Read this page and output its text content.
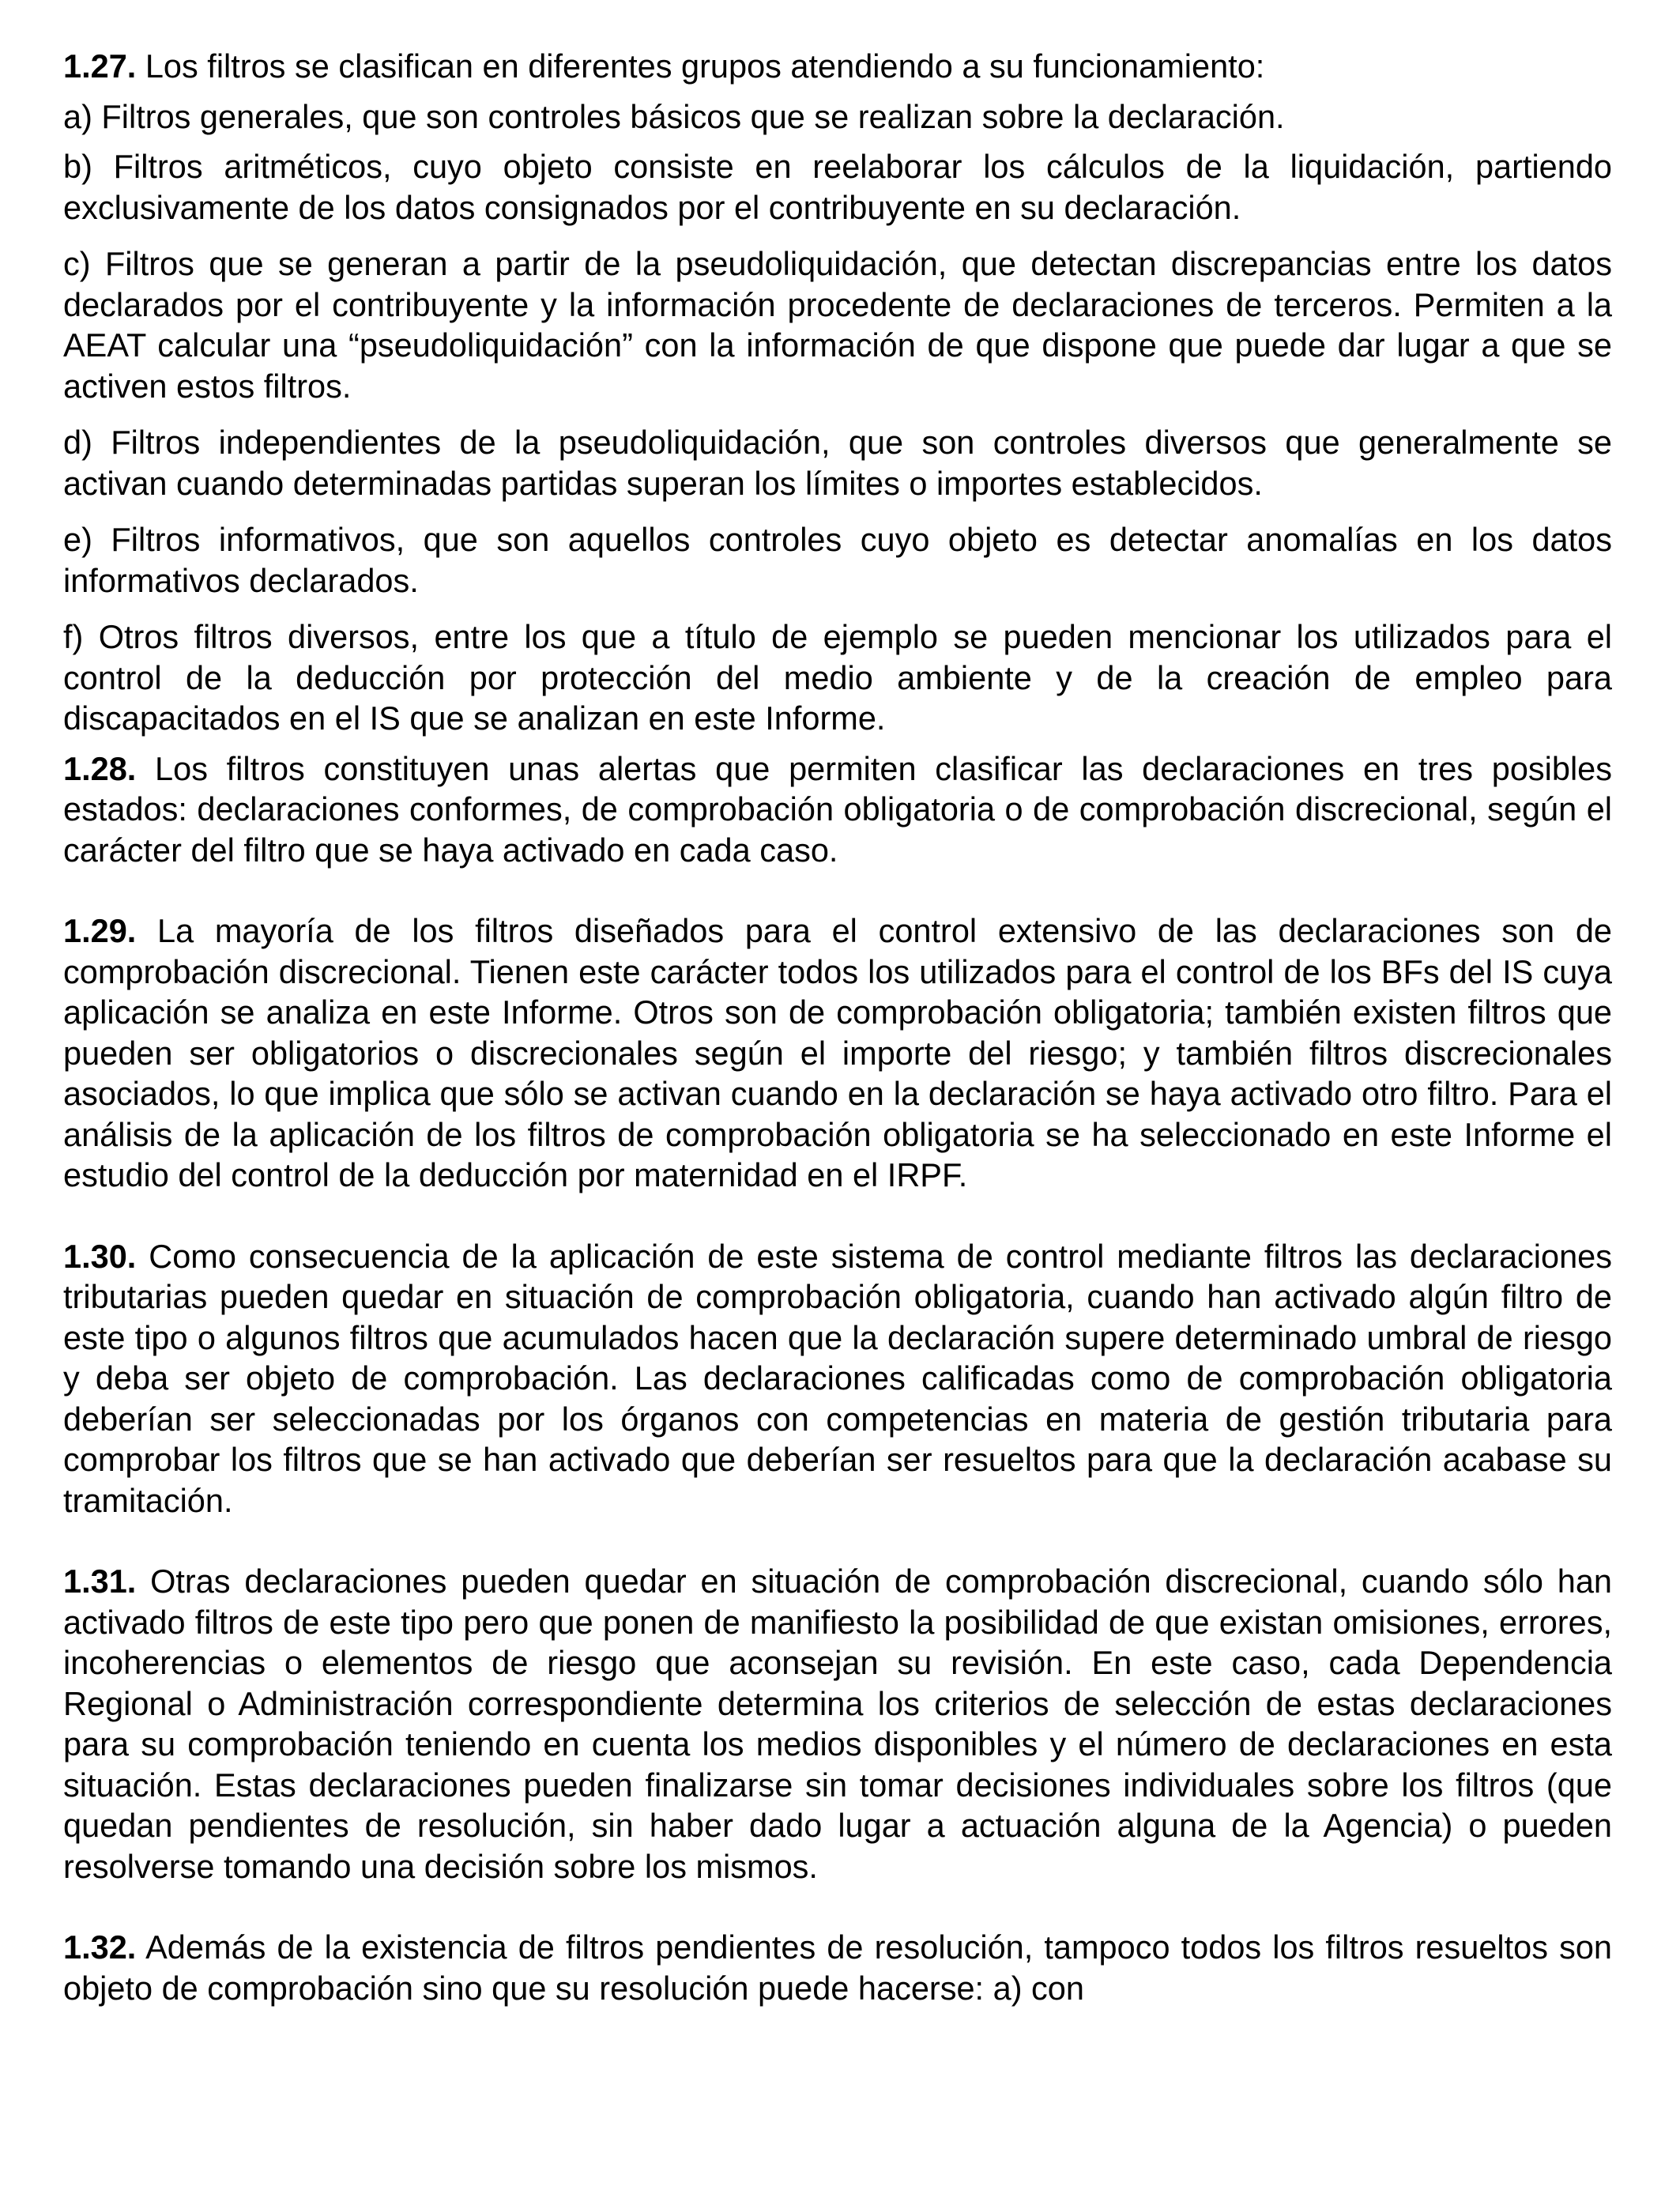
1.27. Los filtros se clasifican en diferentes grupos atendiendo a su funcionamiento:

a) Filtros generales, que son controles básicos que se realizan sobre la declaración.

b) Filtros aritméticos, cuyo objeto consiste en reelaborar los cálculos de la liquidación, partiendo exclusivamente de los datos consignados por el contribuyente en su declaración.

c) Filtros que se generan a partir de la pseudoliquidación, que detectan discrepancias entre los datos declarados por el contribuyente y la información procedente de declaraciones de terceros. Permiten a la AEAT calcular una “pseudoliquidación” con la información de que dispone que puede dar lugar a que se activen estos filtros.

d) Filtros independientes de la pseudoliquidación, que son controles diversos que generalmente se activan cuando determinadas partidas superan los límites o importes establecidos.

e) Filtros informativos, que son aquellos controles cuyo objeto es detectar anomalías en los datos informativos declarados.

f) Otros filtros diversos, entre los que a título de ejemplo se pueden mencionar los utilizados para el control de la deducción por protección del medio ambiente y de la creación de empleo para discapacitados en el IS que se analizan en este Informe.

1.28. Los filtros constituyen unas alertas que permiten clasificar las declaraciones en tres posibles estados: declaraciones conformes, de comprobación obligatoria o de comprobación discrecional, según el carácter del filtro que se haya activado en cada caso.

1.29. La mayoría de los filtros diseñados para el control extensivo de las declaraciones son de comprobación discrecional. Tienen este carácter todos los utilizados para el control de los BFs del IS cuya aplicación se analiza en este Informe. Otros son de comprobación obligatoria; también existen filtros que pueden ser obligatorios o discrecionales según el importe del riesgo; y también filtros discrecionales asociados, lo que implica que sólo se activan cuando en la declaración se haya activado otro filtro. Para el análisis de la aplicación de los filtros de comprobación obligatoria se ha seleccionado en este Informe el estudio del control de la deducción por maternidad en el IRPF.

1.30. Como consecuencia de la aplicación de este sistema de control mediante filtros las declaraciones tributarias pueden quedar en situación de comprobación obligatoria, cuando han activado algún filtro de este tipo o algunos filtros que acumulados hacen que la declaración supere determinado umbral de riesgo y deba ser objeto de comprobación. Las declaraciones calificadas como de comprobación obligatoria deberían ser seleccionadas por los órganos con competencias en materia de gestión tributaria para comprobar los filtros que se han activado que deberían ser resueltos para que la declaración acabase su tramitación.

1.31. Otras declaraciones pueden quedar en situación de comprobación discrecional, cuando sólo han activado filtros de este tipo pero que ponen de manifiesto la posibilidad de que existan omisiones, errores, incoherencias o elementos de riesgo que aconsejan su revisión. En este caso, cada Dependencia Regional o Administración correspondiente determina los criterios de selección de estas declaraciones para su comprobación teniendo en cuenta los medios disponibles y el número de declaraciones en esta situación. Estas declaraciones pueden finalizarse sin tomar decisiones individuales sobre los filtros (que quedan pendientes de resolución, sin haber dado lugar a actuación alguna de la Agencia) o pueden resolverse tomando una decisión sobre los mismos.

1.32. Además de la existencia de filtros pendientes de resolución, tampoco todos los filtros resueltos son objeto de comprobación sino que su resolución puede hacerse: a) con
